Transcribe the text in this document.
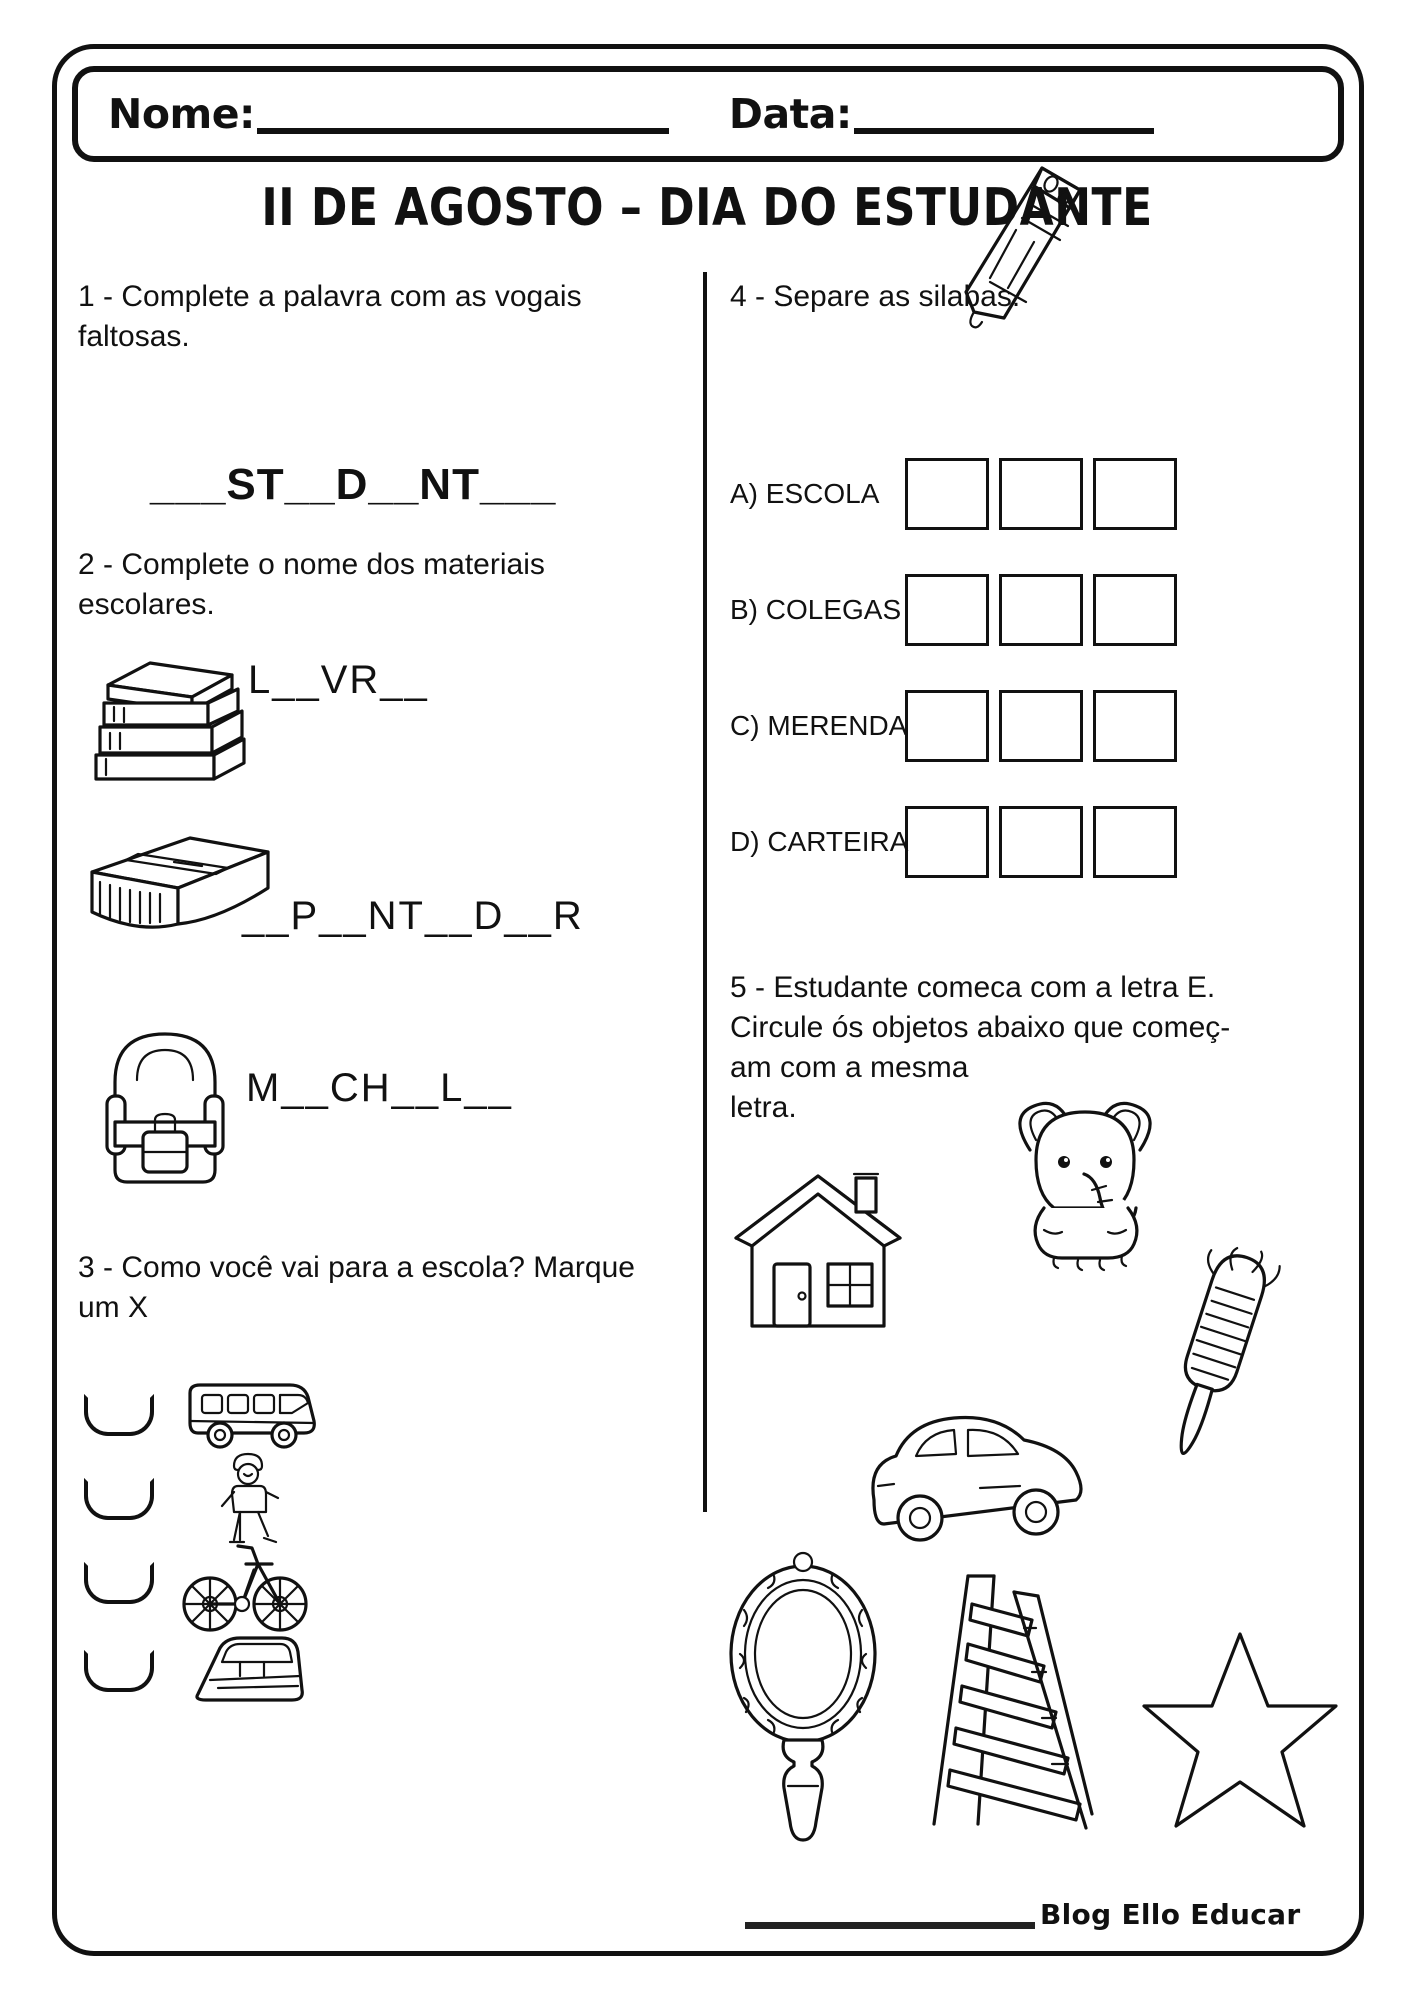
Nome:	Data:
II DE AGOSTO – DIA DO ESTUDANTE
1 - Complete a palavra com as vogais faltosas.
___ST__D__NT___
2 - Complete o nome dos materiais escolares.
L__VR__
__P__NT__D__R
M__CH__L__
3 - Como você vai para a escola? Marque um X
4 - Separe as silabas.
A) ESCOLA
B) COLEGAS
C) MERENDA
D) CARTEIRA
5 - Estudante comeca com a letra E.
Circule ós objetos abaixo que começ-
am com a mesma
letra.
Blog Ello Educar
